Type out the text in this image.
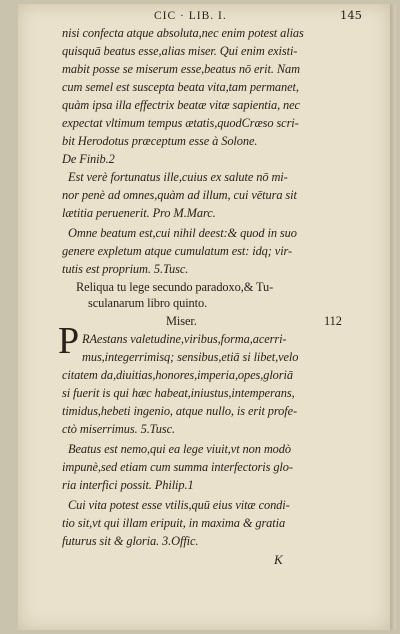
CIC · LIB. I.	145
nisi confecta atque absoluta,nec enim potest alias
quisquā beatus esse,alias miser. Qui enim existi-
mabit posse se miserum esse,beatus nō erit. Nam
cum semel est suscepta beata vita,tam permanet,
quàm ipsa illa effectrix beatæ vitæ sapientia, nec
expectat vltimum tempus ætatis,quodCræso scri-
bit Herodotus præceptum esse à Solone.
De Finib.2
Est verè fortunatus ille,cuius ex salute nō mi-
nor penè ad omnes,quàm ad illum, cui vētura sit
lætitia peruenerit. Pro M.Marc.
Omne beatum est,cui nihil deest:& quod in suo
genere expletum atque cumulatum est: idq; vir-
tutis est proprium. 5.Tusc.
Reliqua tu lege secundo paradoxo,& Tu-
sculanarum libro quinto.
Miser.	112
P RAestans valetudine,viribus,forma,acerri-
mus,integerrimisq; sensibus,etiā si libet,velo
citatem da,diuitias,honores,imperia,opes,gloriā
si fuerit is qui hæc habeat,iniustus,intemperans,
timidus,hebeti ingenio, atque nullo, is erit profe-
ctò miserrimus. 5.Tusc.
Beatus est nemo,qui ea lege viuit,vt non modò
impunè,sed etiam cum summa interfectoris glo-
ria interfici possit. Philip.1
Cui vita potest esse vtilis,quū eius vitæ condi-
tio sit,vt qui illam eripuit, in maxima & gratia
futurus sit & gloria. 3.Offic.
K
